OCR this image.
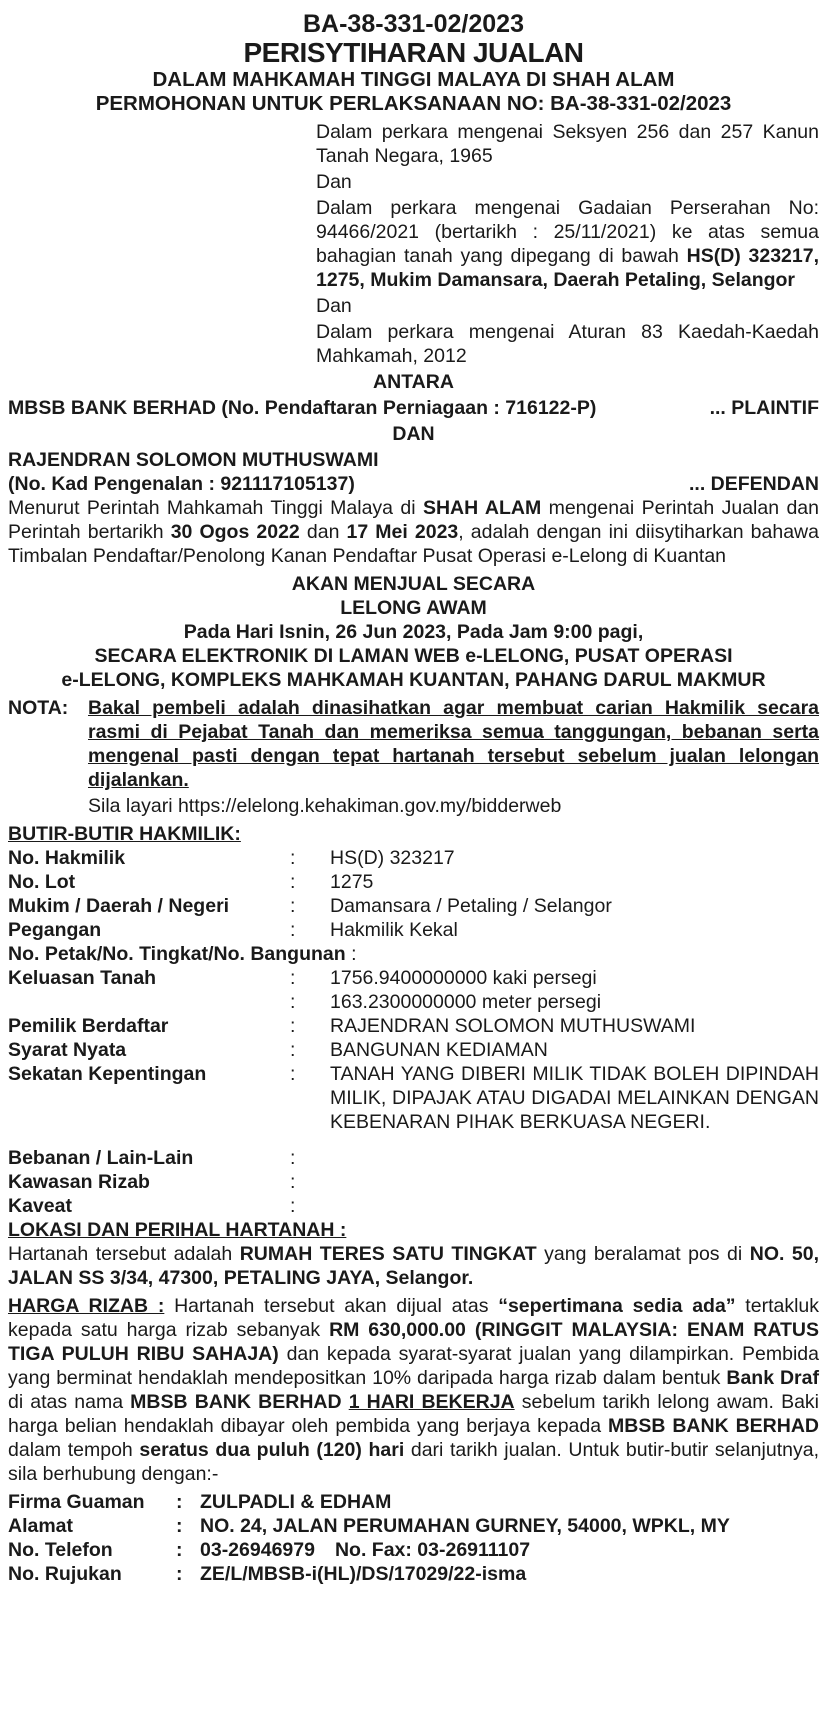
BA-38-331-02/2023
PERISYTIHARAN JUALAN
DALAM MAHKAMAH TINGGI MALAYA DI SHAH ALAM
PERMOHONAN UNTUK PERLAKSANAAN NO: BA-38-331-02/2023
Dalam perkara mengenai Seksyen 256 dan 257 Kanun Tanah Negara, 1965
Dan
Dalam perkara mengenai Gadaian Perserahan No: 94466/2021 (bertarikh : 25/11/2021) ke atas semua bahagian tanah yang dipegang di bawah HS(D) 323217, 1275, Mukim Damansara, Daerah Petaling, Selangor
Dan
Dalam perkara mengenai Aturan 83 Kaedah-Kaedah Mahkamah, 2012
ANTARA
MBSB BANK BERHAD (No. Pendaftaran Perniagaan : 716122-P)	... PLAINTIF
DAN
RAJENDRAN SOLOMON MUTHUSWAMI
(No. Kad Pengenalan : 921117105137)	... DEFENDAN
Menurut Perintah Mahkamah Tinggi Malaya di SHAH ALAM mengenai Perintah Jualan dan Perintah bertarikh 30 Ogos 2022 dan 17 Mei 2023, adalah dengan ini diisytiharkan bahawa Timbalan Pendaftar/Penolong Kanan Pendaftar Pusat Operasi e-Lelong di Kuantan
AKAN MENJUAL SECARA
LELONG AWAM
Pada Hari Isnin, 26 Jun 2023, Pada Jam 9:00 pagi,
SECARA ELEKTRONIK DI LAMAN WEB e-LELONG, PUSAT OPERASI
e-LELONG, KOMPLEKS MAHKAMAH KUANTAN, PAHANG DARUL MAKMUR
NOTA:	Bakal pembeli adalah dinasihatkan agar membuat carian Hakmilik secara rasmi di Pejabat Tanah dan memeriksa semua tanggungan, bebanan serta mengenal pasti dengan tepat hartanah tersebut sebelum jualan lelongan dijalankan.
Sila layari https://elelong.kehakiman.gov.my/bidderweb
BUTIR-BUTIR HAKMILIK:
No. Hakmilik	:	HS(D) 323217
No. Lot	:	1275
Mukim / Daerah / Negeri	:	Damansara / Petaling / Selangor
Pegangan	:	Hakmilik Kekal
No. Petak/No. Tingkat/No. Bangunan :
Keluasan Tanah	:	1756.9400000000 kaki persegi
:	163.2300000000 meter persegi
Pemilik Berdaftar	:	RAJENDRAN SOLOMON MUTHUSWAMI
Syarat Nyata	:	BANGUNAN KEDIAMAN
Sekatan Kepentingan	:	TANAH YANG DIBERI MILIK TIDAK BOLEH DIPINDAH MILIK, DIPAJAK ATAU DIGADAI MELAINKAN DENGAN KEBENARAN PIHAK BERKUASA NEGERI.
Bebanan / Lain-Lain	:
Kawasan Rizab	:
Kaveat	:
LOKASI DAN PERIHAL HARTANAH :
Hartanah tersebut adalah RUMAH TERES SATU TINGKAT yang beralamat pos di NO. 50, JALAN SS 3/34, 47300, PETALING JAYA, Selangor.
HARGA RIZAB : Hartanah tersebut akan dijual atas “sepertimana sedia ada” tertakluk kepada satu harga rizab sebanyak RM 630,000.00 (RINGGIT MALAYSIA: ENAM RATUS TIGA PULUH RIBU SAHAJA) dan kepada syarat-syarat jualan yang dilampirkan. Pembida yang berminat hendaklah mendepositkan 10% daripada harga rizab dalam bentuk Bank Draf di atas nama MBSB BANK BERHAD 1 HARI BEKERJA sebelum tarikh lelong awam. Baki harga belian hendaklah dibayar oleh pembida yang berjaya kepada MBSB BANK BERHAD dalam tempoh seratus dua puluh (120) hari dari tarikh jualan. Untuk butir-butir selanjutnya, sila berhubung dengan:-
Firma Guaman	: ZULPADLI & EDHAM
Alamat	: NO. 24, JALAN PERUMAHAN GURNEY, 54000, WPKL, MY
No. Telefon	: 03-26946979 No. Fax: 03-26911107
No. Rujukan	: ZE/L/MBSB-i(HL)/DS/17029/22-isma
